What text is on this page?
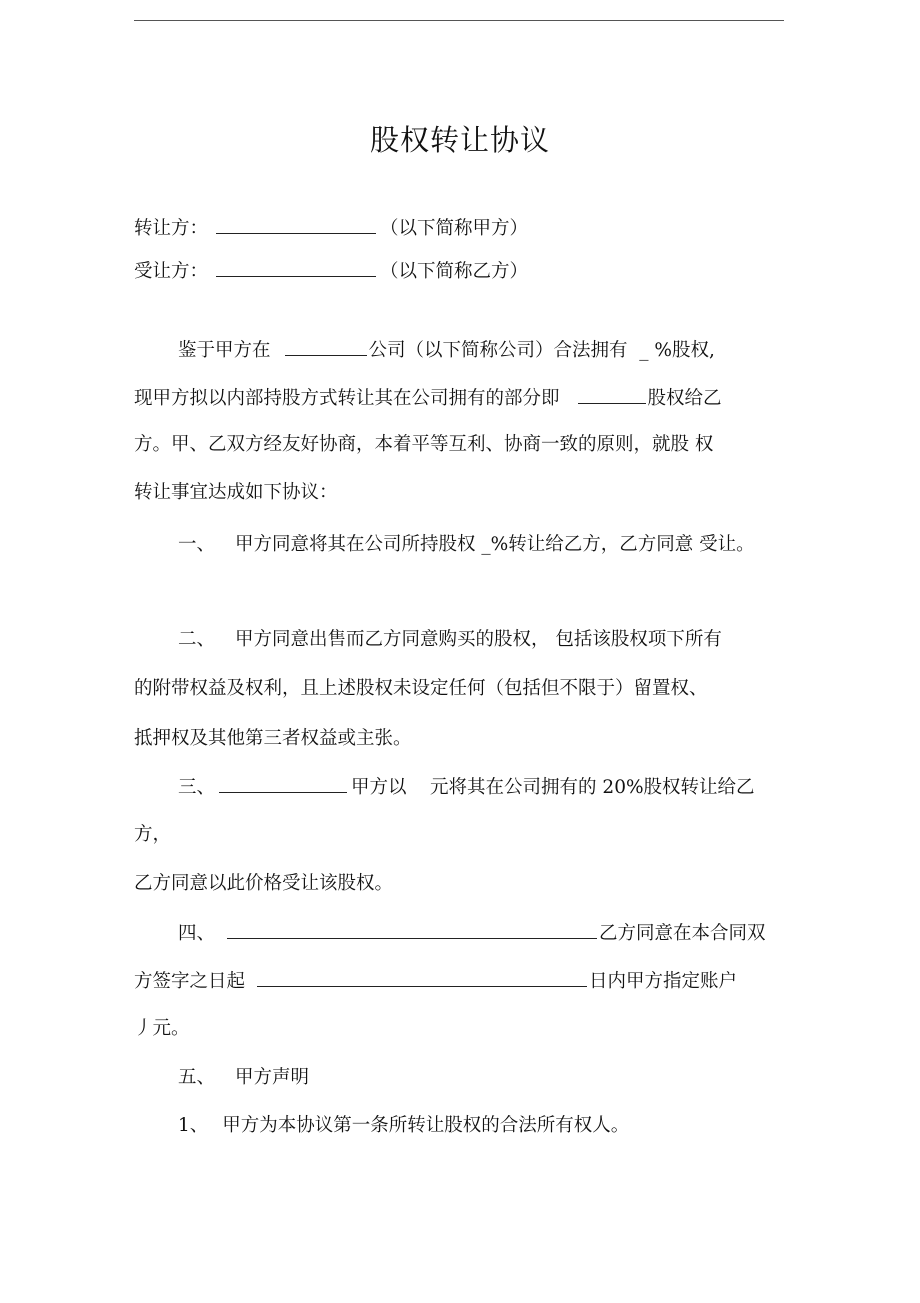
股权转让协议
转让方：	（以下简称甲方）
受让方：	（以下简称乙方）
鉴于甲方在	公司（以下简称公司）合法拥有 _ %股权,
现甲方拟以内部持股方式转让其在公司拥有的部分即	股权给乙
方。甲、乙双方经友好协商，本着平等互利、协商一致的原则，就股 权
转让事宜达成如下协议：
一、 甲方同意将其在公司所持股权 _%转让给乙方，乙方同意 受让。
二、 甲方同意出售而乙方同意购买的股权， 包括该股权项下所有
的附带权益及权利，且上述股权未设定任何（包括但不限于）留置权、
抵押权及其他第三者权益或主张。
三、	甲方以    元将其在公司拥有的 20%股权转让给乙
方，
乙方同意以此价格受让该股权。
四、	乙方同意在本合同双
方签字之日起	日内甲方指定账户
丿元。
五、 甲方声明
1、 甲方为本协议第一条所转让股权的合法所有权人。
